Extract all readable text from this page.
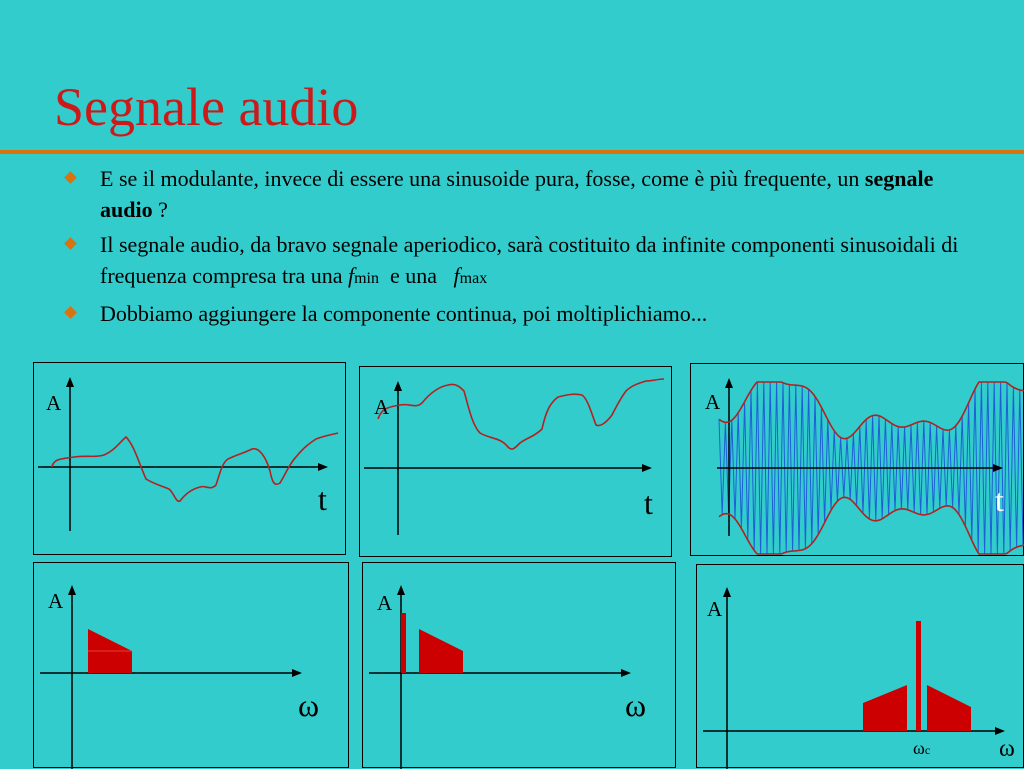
Segnale audio
E se il modulante, invece di essere una sinusoide pura, fosse, come è più frequente, un segnale audio ?
Il segnale audio, da bravo segnale aperiodico, sarà costituito da infinite componenti sinusoidali di frequenza compresa tra una fmin  e una   fmax
Dobbiamo aggiungere la componente continua, poi moltiplichiamo...
A
t
A
t
A
t
A
ω
A
ω
A
ωc	ω
